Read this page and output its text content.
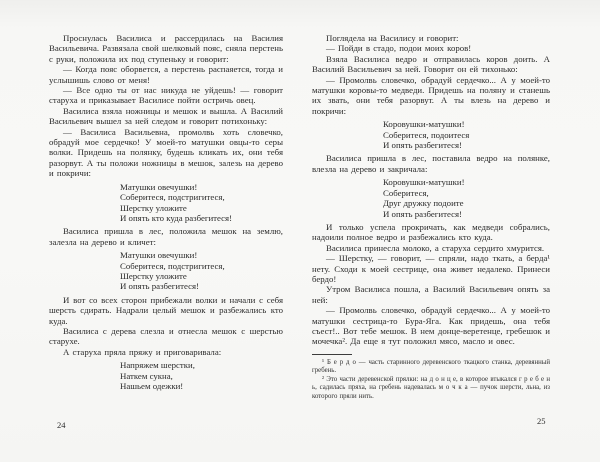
Проснулась Василиса и рассердилась на Василия Васильевича. Развязала свой шелковый пояс, сняла перстень с руки, положила их под ступеньку и говорит:

— Когда пояс оборвется, а перстень распаяется, тогда и услышишь слово от меня!

— Все одно ты от нас никуда не уйдешь! — говорит старуха и приказывает Василисе пойти остричь овец.

Василиса взяла ножницы и мешок и вышла. А Василий Васильевич вышел за ней следом и говорит потихоньку:

— Василиса Васильевна, промолвь хоть словечко, обрадуй мое сердечко! У моей-то матушки овцы-то серы волки. Придешь на полянку, будешь кликать их, они тебя разорвут. А ты положи ножницы в мешок, залезь на дерево и покричи:

Матушки овечушки!
Соберитеся, подстригитеся,
Шерстку уложите
И опять кто куда разбегитеся!

Василиса пришла в лес, положила мешок на землю, залезла на дерево и кличет:

Матушки овечушки!
Соберитеся, подстригитеся,
Шерстку уложите
И опять разбегитеся!

И вот со всех сторон прибежали волки и начали с себя шерсть сдирать. Надрали целый мешок и разбежались кто куда.

Василиса с дерева слезла и отнесла мешок с шерстью старухе.

А старуха пряла пряжу и приговаривала:

Напряжем шерстки,
Наткем сукна,
Нашьем одежки!

Поглядела на Василису и говорит:

— Пойди в стадо, подои моих коров!

Взяла Василиса ведро и отправилась коров доить. А Василий Васильевич за ней. Говорит он ей тихонько:

— Промолвь словечко, обрадуй сердечко... А у моей-то матушки коровы-то медведи. Придешь на поляну и станешь их звать, они тебя разорвут. А ты влезь на дерево и покричи:

Коровушки-матушки!
Соберитеся, подоитеся
И опять разбегитеся!

Василиса пришла в лес, поставила ведро на полянке, влезла на дерево и закричала:

Коровушки-матушки!
Соберитеся,
Друг дружку подоите
И опять разбегитеся!

И только успела прокричать, как медведи собрались, надоили полное ведро и разбежались кто куда.

Василиса принесла молоко, а старуха сердито хмурится.

— Шерстку, — говорит, — спряли, надо ткать, а берда¹ нету. Сходи к моей сестрице, она живет недалеко. Принеси бердо!

Утром Василиса пошла, а Василий Васильевич опять за ней:

— Промолвь словечко, обрадуй сердечко... А у моей-то матушки сестрица-то Бура-Яга. Как придешь, она тебя съест!.. Вот тебе мешок. В нем донце-веретенце, гребешок и мочечка². Да еще я тут положил мясо, масло и овес.

¹ Б е р д о — часть старинного деревенского ткацкого станка, деревянный гребень.

² Это части деревенской прялки: на д о н ц е, в которое втыкался г р е б е н ь, садилась пряха, на гребень надевалась м о ч к а — пучок шерсти, льна, из которого пряли нить.

24	25
